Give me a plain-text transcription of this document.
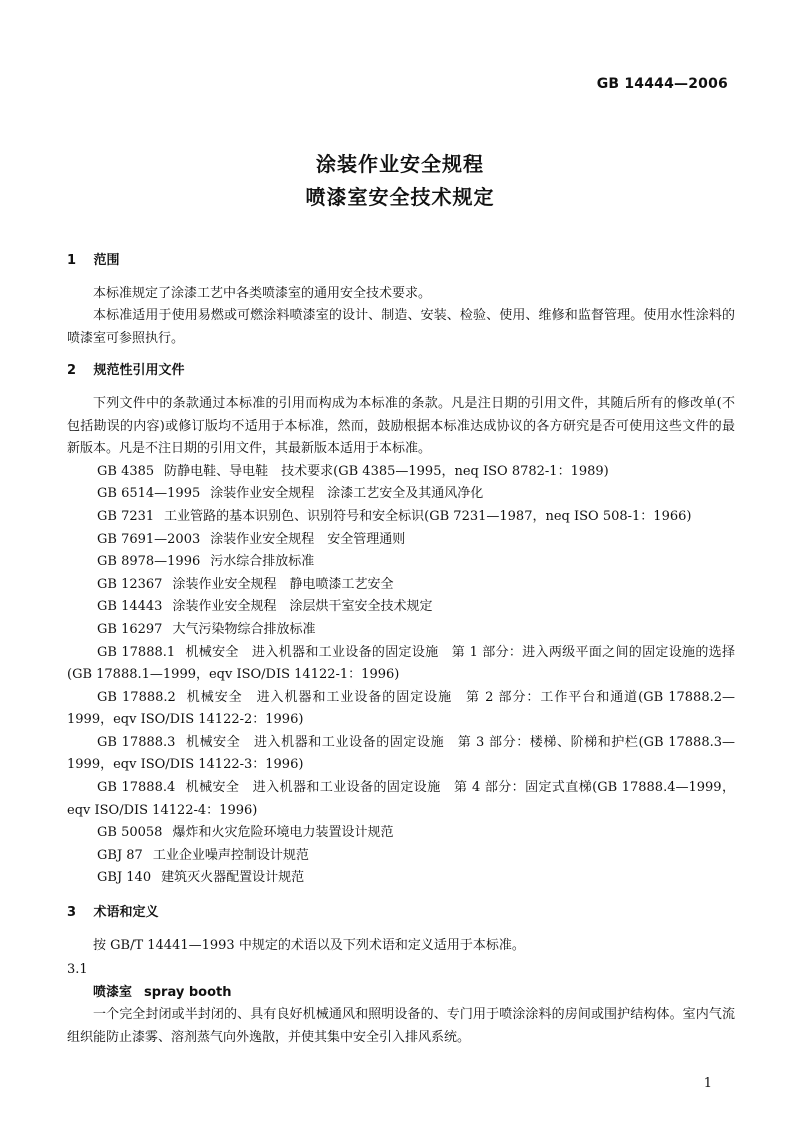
GB 14444—2006
涂装作业安全规程
喷漆室安全技术规定
1 范围
本标准规定了涂漆工艺中各类喷漆室的通用安全技术要求。
本标准适用于使用易燃或可燃涂料喷漆室的设计、制造、安装、检验、使用、维修和监督管理。使用水性涂料的喷漆室可参照执行。
2 规范性引用文件
下列文件中的条款通过本标准的引用而构成为本标准的条款。凡是注日期的引用文件，其随后所有的修改单(不包括勘误的内容)或修订版均不适用于本标准，然而，鼓励根据本标准达成协议的各方研究是否可使用这些文件的最新版本。凡是不注日期的引用文件，其最新版本适用于本标准。
GB 4385 防静电鞋、导电鞋　技术要求(GB 4385—1995，neq ISO 8782-1：1989)
GB 6514—1995 涂装作业安全规程　涂漆工艺安全及其通风净化
GB 7231 工业管路的基本识别色、识别符号和安全标识(GB 7231—1987，neq ISO 508-1：1966)
GB 7691—2003 涂装作业安全规程　安全管理通则
GB 8978—1996 污水综合排放标准
GB 12367 涂装作业安全规程　静电喷漆工艺安全
GB 14443 涂装作业安全规程　涂层烘干室安全技术规定
GB 16297 大气污染物综合排放标准
GB 17888.1 机械安全　进入机器和工业设备的固定设施　第 1 部分：进入两级平面之间的固定设施的选择(GB 17888.1—1999，eqv ISO/DIS 14122-1：1996)
GB 17888.2 机械安全　进入机器和工业设备的固定设施　第 2 部分：工作平台和通道(GB 17888.2—1999，eqv ISO/DIS 14122-2：1996)
GB 17888.3 机械安全　进入机器和工业设备的固定设施　第 3 部分：楼梯、阶梯和护栏(GB 17888.3—1999，eqv ISO/DIS 14122-3：1996)
GB 17888.4 机械安全　进入机器和工业设备的固定设施　第 4 部分：固定式直梯(GB 17888.4—1999，eqv ISO/DIS 14122-4：1996)
GB 50058 爆炸和火灾危险环境电力装置设计规范
GBJ 87 工业企业噪声控制设计规范
GBJ 140 建筑灭火器配置设计规范
3 术语和定义
按 GB/T 14441—1993 中规定的术语以及下列术语和定义适用于本标准。
3.1
喷漆室 spray booth
一个完全封闭或半封闭的、具有良好机械通风和照明设备的、专门用于喷涂涂料的房间或围护结构体。室内气流组织能防止漆雾、溶剂蒸气向外逸散，并使其集中安全引入排风系统。
1
